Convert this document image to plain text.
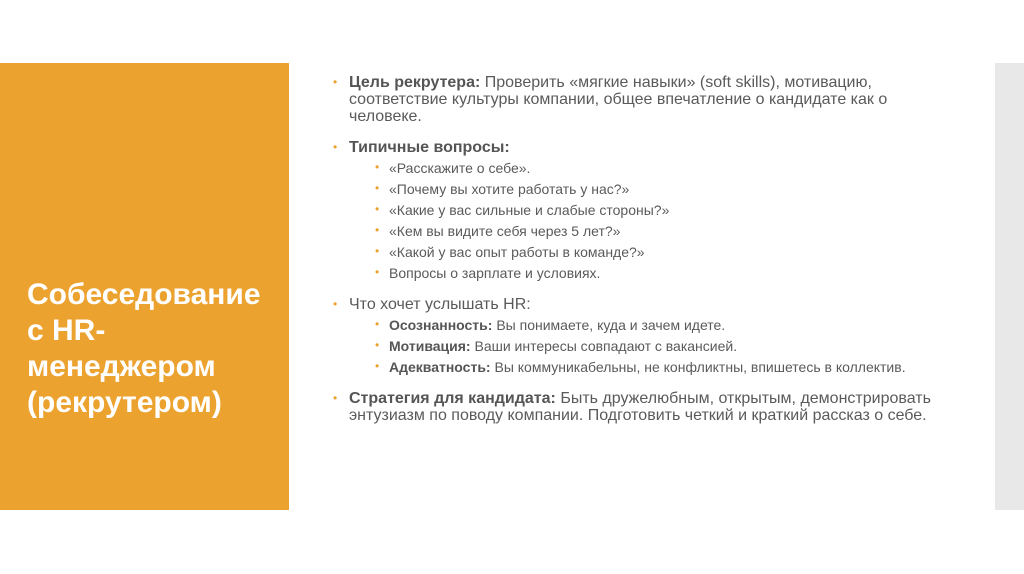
Собеседование с HR-менеджером (рекрутером)
• Цель рекрутера: Проверить «мягкие навыки» (soft skills), мотивацию, соответствие культуры компании, общее впечатление о кандидате как о человеке.
• Типичные вопросы:
• «Расскажите о себе».
• «Почему вы хотите работать у нас?»
• «Какие у вас сильные и слабые стороны?»
• «Кем вы видите себя через 5 лет?»
• «Какой у вас опыт работы в команде?»
• Вопросы о зарплате и условиях.
• Что хочет услышать HR:
• Осознанность: Вы понимаете, куда и зачем идете.
• Мотивация: Ваши интересы совпадают с вакансией.
• Адекватность: Вы коммуникабельны, не конфликтны, впишетесь в коллектив.
• Стратегия для кандидата: Быть дружелюбным, открытым, демонстрировать энтузиазм по поводу компании. Подготовить четкий и краткий рассказ о себе.
